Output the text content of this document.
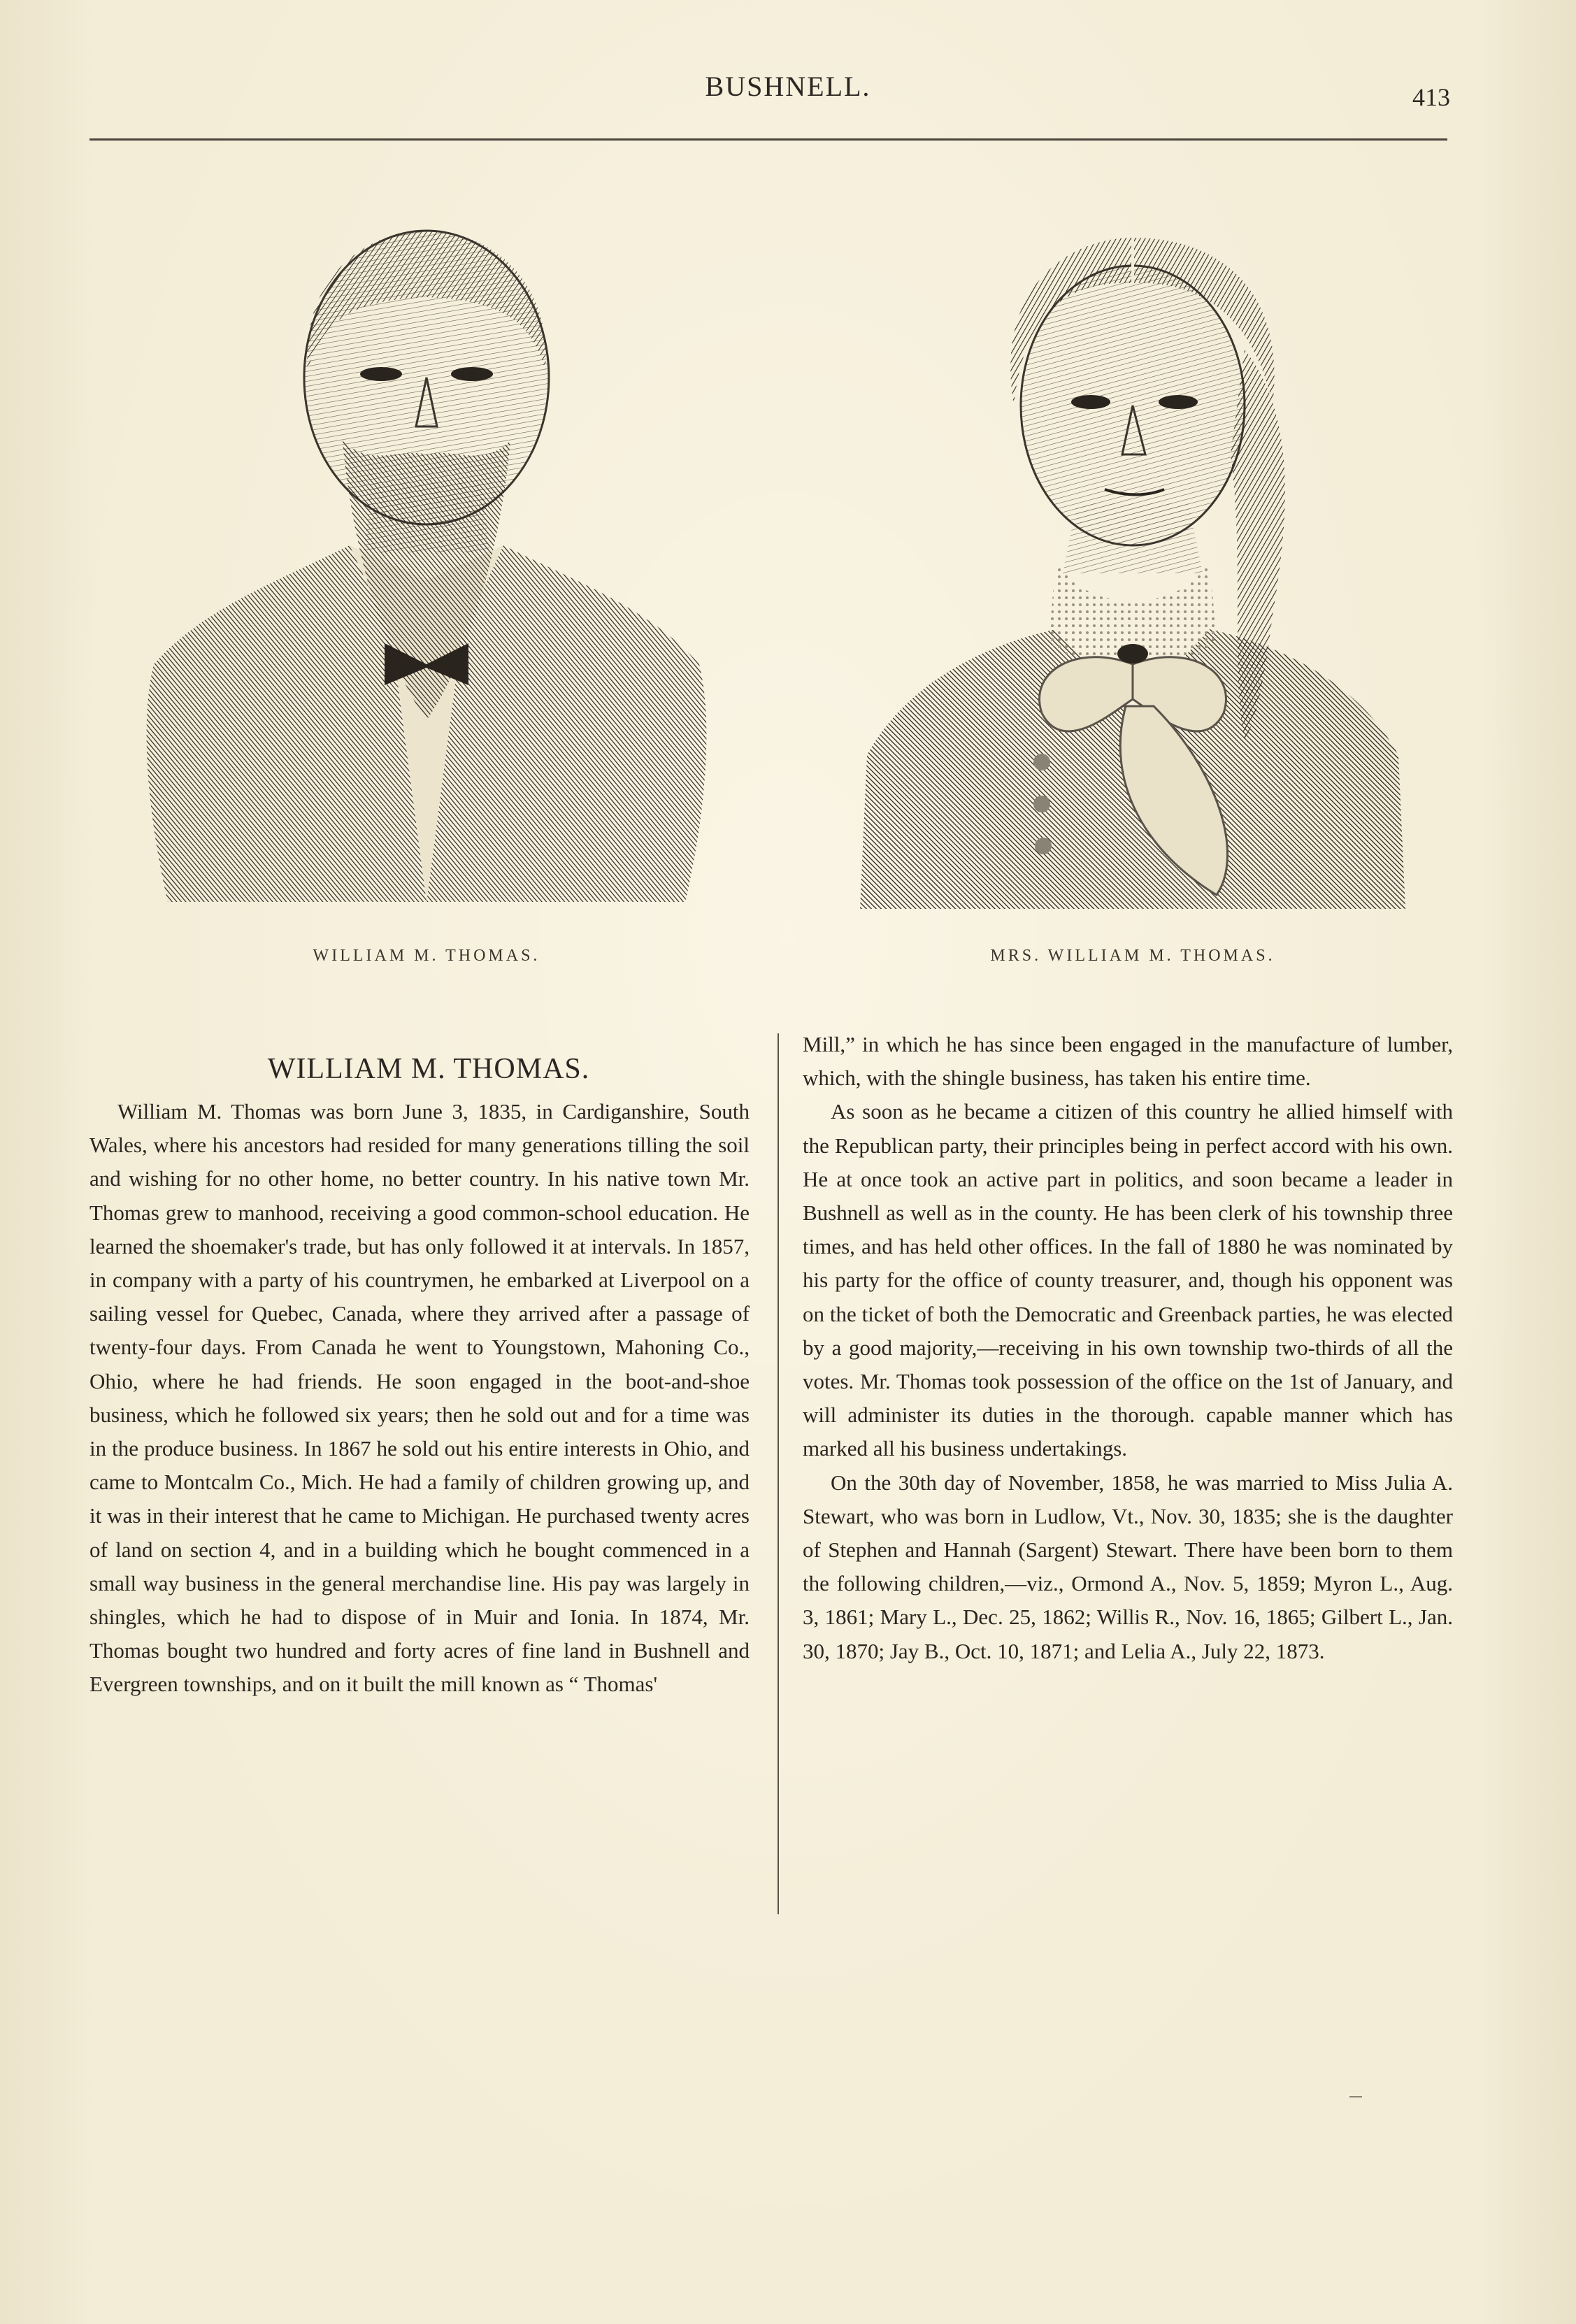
BUSHNELL.	413
WILLIAM M. THOMAS.	MRS. WILLIAM M. THOMAS.
WILLIAM M. THOMAS.

William M. Thomas was born June 3, 1835, in Cardiganshire, South Wales, where his ancestors had resided for many generations tilling the soil and wishing for no other home, no better country. In his native town Mr. Thomas grew to manhood, receiving a good common-school education. He learned the shoemaker's trade, but has only followed it at intervals. In 1857, in company with a party of his countrymen, he embarked at Liverpool on a sailing vessel for Quebec, Canada, where they arrived after a passage of twenty-four days. From Canada he went to Youngstown, Mahoning Co., Ohio, where he had friends. He soon engaged in the boot-and-shoe business, which he followed six years; then he sold out and for a time was in the produce business. In 1867 he sold out his entire interests in Ohio, and came to Montcalm Co., Mich. He had a family of children growing up, and it was in their interest that he came to Michigan. He purchased twenty acres of land on section 4, and in a building which he bought commenced in a small way business in the general merchandise line. His pay was largely in shingles, which he had to dispose of in Muir and Ionia. In 1874, Mr. Thomas bought two hundred and forty acres of fine land in Bushnell and Evergreen townships, and on it built the mill known as “ Thomas'

Mill,” in which he has since been engaged in the manufacture of lumber, which, with the shingle business, has taken his entire time.

As soon as he became a citizen of this country he allied himself with the Republican party, their principles being in perfect accord with his own. He at once took an active part in politics, and soon became a leader in Bushnell as well as in the county. He has been clerk of his township three times, and has held other offices. In the fall of 1880 he was nominated by his party for the office of county treasurer, and, though his opponent was on the ticket of both the Democratic and Greenback parties, he was elected by a good majority,—receiving in his own township two-thirds of all the votes. Mr. Thomas took possession of the office on the 1st of January, and will administer its duties in the thorough. capable manner which has marked all his business undertakings.

On the 30th day of November, 1858, he was married to Miss Julia A. Stewart, who was born in Ludlow, Vt., Nov. 30, 1835; she is the daughter of Stephen and Hannah (Sargent) Stewart. There have been born to them the following children,—viz., Ormond A., Nov. 5, 1859; Myron L., Aug. 3, 1861; Mary L., Dec. 25, 1862; Willis R., Nov. 16, 1865; Gilbert L., Jan. 30, 1870; Jay B., Oct. 10, 1871; and Lelia A., July 22, 1873.
